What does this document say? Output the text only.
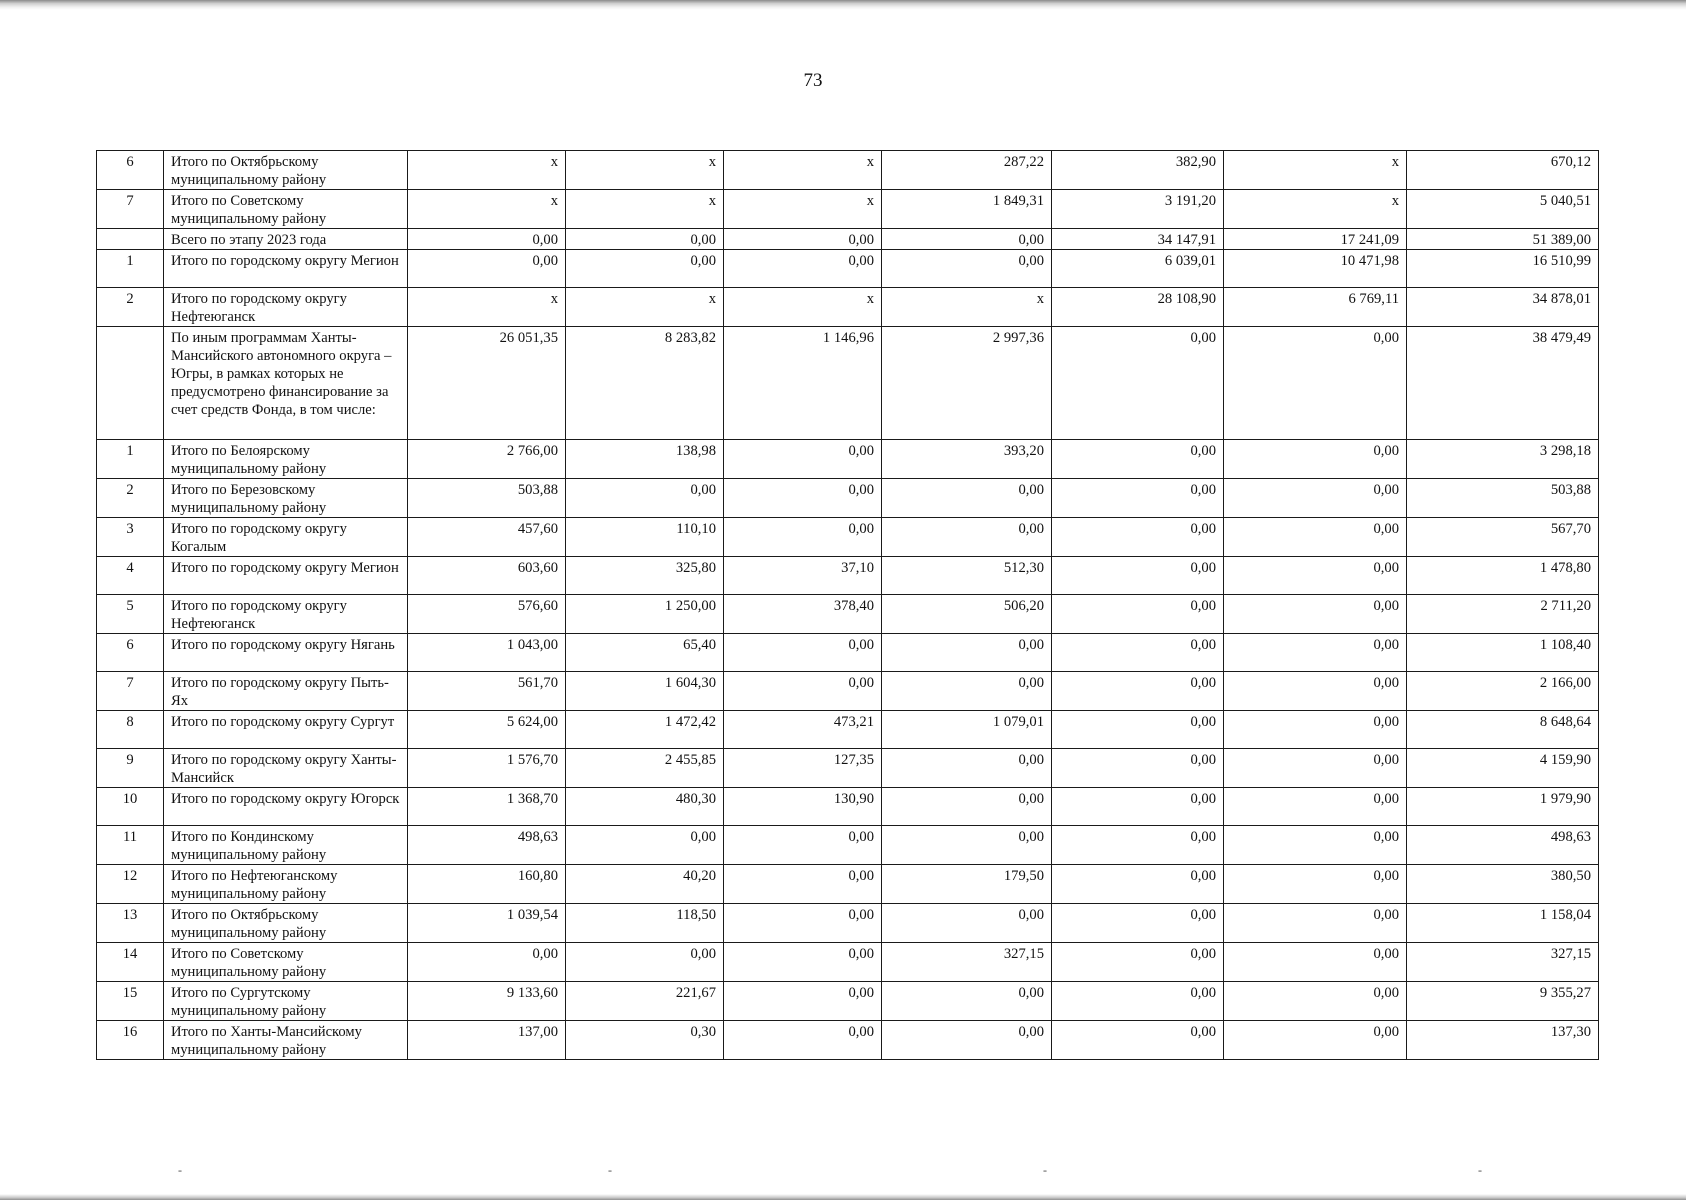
73
6	Итого по Октябрьскому муниципальному району	х	х	х	287,22	382,90	х	670,12
7	Итого по Советскому муниципальному району	х	х	х	1 849,31	3 191,20	х	5 040,51
	Всего по этапу 2023 года	0,00	0,00	0,00	0,00	34 147,91	17 241,09	51 389,00
1	Итого по городскому округу Мегион	0,00	0,00	0,00	0,00	6 039,01	10 471,98	16 510,99
2	Итого по городскому округу Нефтеюганск	х	х	х	х	28 108,90	6 769,11	34 878,01
	По иным программам Ханты-Мансийского автономного округа – Югры, в рамках которых не предусмотрено финансирование за счет средств Фонда, в том числе:	26 051,35	8 283,82	1 146,96	2 997,36	0,00	0,00	38 479,49
1	Итого по Белоярскому муниципальному району	2 766,00	138,98	0,00	393,20	0,00	0,00	3 298,18
2	Итого по Березовскому муниципальному району	503,88	0,00	0,00	0,00	0,00	0,00	503,88
3	Итого по городскому округу Когалым	457,60	110,10	0,00	0,00	0,00	0,00	567,70
4	Итого по городскому округу Мегион	603,60	325,80	37,10	512,30	0,00	0,00	1 478,80
5	Итого по городскому округу Нефтеюганск	576,60	1 250,00	378,40	506,20	0,00	0,00	2 711,20
6	Итого по городскому округу Нягань	1 043,00	65,40	0,00	0,00	0,00	0,00	1 108,40
7	Итого по городскому округу Пыть-Ях	561,70	1 604,30	0,00	0,00	0,00	0,00	2 166,00
8	Итого по городскому округу Сургут	5 624,00	1 472,42	473,21	1 079,01	0,00	0,00	8 648,64
9	Итого по городскому округу Ханты-Мансийск	1 576,70	2 455,85	127,35	0,00	0,00	0,00	4 159,90
10	Итого по городскому округу Югорск	1 368,70	480,30	130,90	0,00	0,00	0,00	1 979,90
11	Итого по Кондинскому муниципальному району	498,63	0,00	0,00	0,00	0,00	0,00	498,63
12	Итого по Нефтеюганскому муниципальному району	160,80	40,20	0,00	179,50	0,00	0,00	380,50
13	Итого по Октябрьскому муниципальному району	1 039,54	118,50	0,00	0,00	0,00	0,00	1 158,04
14	Итого по Советскому муниципальному району	0,00	0,00	0,00	327,15	0,00	0,00	327,15
15	Итого по Сургутскому муниципальному району	9 133,60	221,67	0,00	0,00	0,00	0,00	9 355,27
16	Итого по Ханты-Мансийскому муниципальному району	137,00	0,30	0,00	0,00	0,00	0,00	137,30
-	-	-	-
